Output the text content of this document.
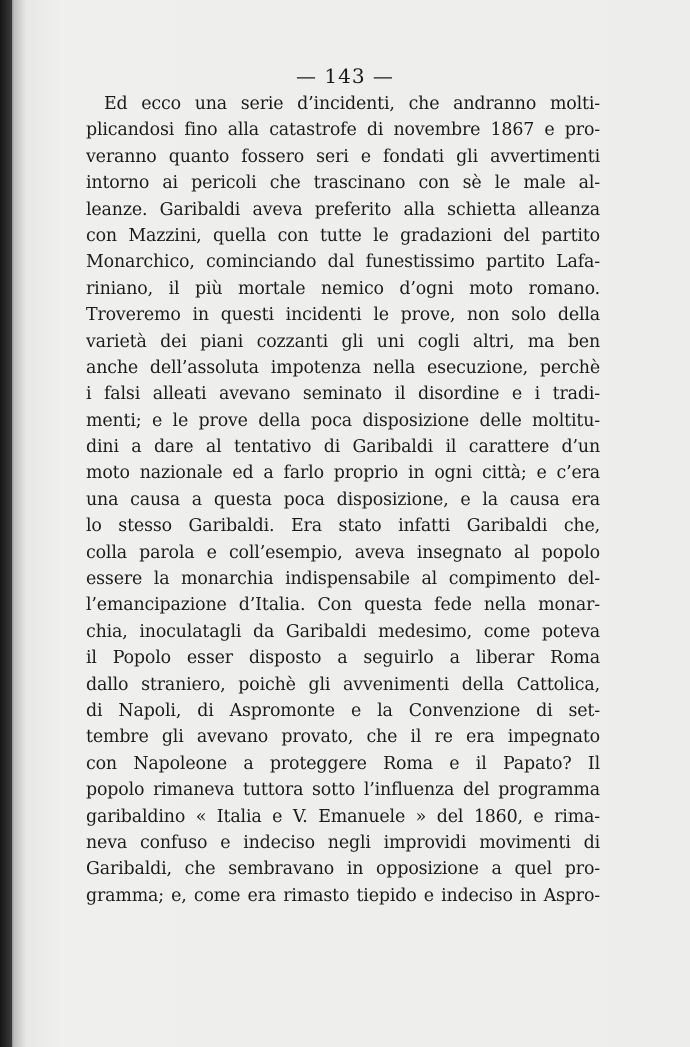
— 143 —
Ed ecco una serie d’incidenti, che andranno molti-
plicandosi fino alla catastrofe di novembre 1867 e pro-
veranno quanto fossero seri e fondati gli avvertimenti
intorno ai pericoli che trascinano con sè le male al-
leanze. Garibaldi aveva preferito alla schietta alleanza
con Mazzini, quella con tutte le gradazioni del partito
Monarchico, cominciando dal funestissimo partito Lafa-
riniano, il più mortale nemico d’ogni moto romano.
Troveremo in questi incidenti le prove, non solo della
varietà dei piani cozzanti gli uni cogli altri, ma ben
anche dell’assoluta impotenza nella esecuzione, perchè
i falsi alleati avevano seminato il disordine e i tradi-
menti; e le prove della poca disposizione delle moltitu-
dini a dare al tentativo di Garibaldi il carattere d’un
moto nazionale ed a farlo proprio in ogni città; e c’era
una causa a questa poca disposizione, e la causa era
lo stesso Garibaldi. Era stato infatti Garibaldi che,
colla parola e coll’esempio, aveva insegnato al popolo
essere la monarchia indispensabile al compimento del-
l’emancipazione d’Italia. Con questa fede nella monar-
chia, inoculatagli da Garibaldi medesimo, come poteva
il Popolo esser disposto a seguirlo a liberar Roma
dallo straniero, poichè gli avvenimenti della Cattolica,
di Napoli, di Aspromonte e la Convenzione di set-
tembre gli avevano provato, che il re era impegnato
con Napoleone a proteggere Roma e il Papato? Il
popolo rimaneva tuttora sotto l’influenza del programma
garibaldino « Italia e V. Emanuele » del 1860, e rima-
neva confuso e indeciso negli improvidi movimenti di
Garibaldi, che sembravano in opposizione a quel pro-
gramma; e, come era rimasto tiepido e indeciso in Aspro-
